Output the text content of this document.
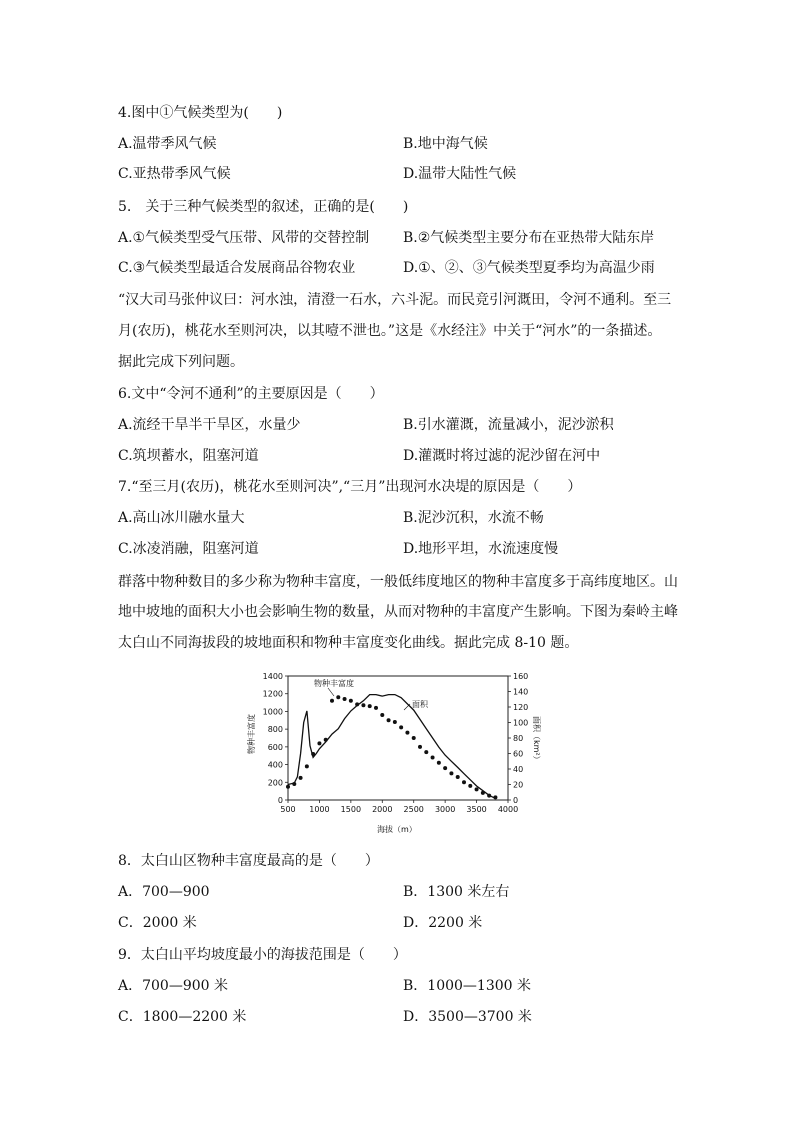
4.图中①气候类型为(　　)
A.温带季风气候	B.地中海气候
C.亚热带季风气候	D.温带大陆性气候
5.　关于三种气候类型的叙述，正确的是(　　)
A.①气候类型受气压带、风带的交替控制 B.②气候类型主要分布在亚热带大陆东岸
C.③气候类型最适合发展商品谷物农业	D.①、②、③气候类型夏季均为高温少雨
“汉大司马张仲议曰：河水浊，清澄一石水，六斗泥。而民竞引河溉田，令河不通利。至三
月(农历)，桃花水至则河决，以其噎不泄也。”这是《水经注》中关于“河水”的一条描述。
据此完成下列问题。
6.文中“令河不通利”的主要原因是（　　）
A.流经干旱半干旱区，水量少	B.引水灌溉，流量减小，泥沙淤积
C.筑坝蓄水，阻塞河道	D.灌溉时将过滤的泥沙留在河中
7.“至三月(农历)，桃花水至则河决”,“三月”出现河水决堤的原因是（　　）
A.高山冰川融水量大	B.泥沙沉积，水流不畅
C.冰凌消融，阻塞河道	D.地形平坦，水流速度慢
群落中物种数目的多少称为物种丰富度，一般低纬度地区的物种丰富度多于高纬度地区。山
地中坡地的面积大小也会影响生物的数量，从而对物种的丰富度产生影响。下图为秦岭主峰
太白山不同海拔段的坡地面积和物种丰富度变化曲线。据此完成 8-10 题。
500 1000 1500 2000 2500 3000 3500 4000
0
200
400
600
800
1000
1200
1400
0
20
40
60
80
100
120
140
160
物种丰富度
面积
物种丰富度	面积（km²）
海拔（m）
8．太白山区物种丰富度最高的是（　　）
A．700—900	B．1300 米左右
C．2000 米	D．2200 米
9．太白山平均坡度最小的海拔范围是（　　）
A．700—900 米	B．1000—1300 米
C．1800—2200 米	D．3500—3700 米
